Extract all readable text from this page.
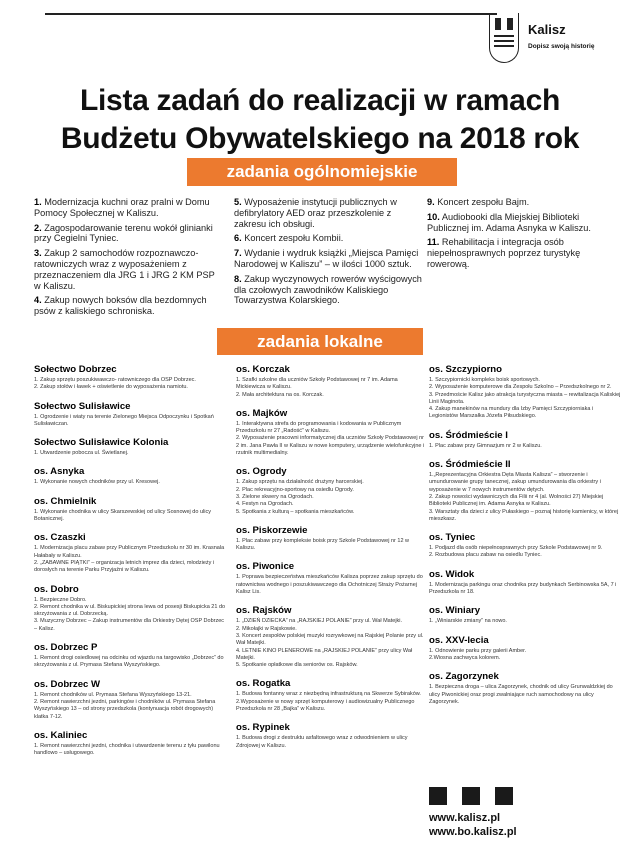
Kalisz
Dopisz swoją historię
Lista zadań do realizacji w ramach
Budżetu Obywatelskiego na 2018 rok
zadania ogólnomiejskie

1. Modernizacja kuchni oraz pralni w Domu Pomocy Społecznej w Kaliszu.

2. Zagospodarowanie terenu wokół glinianki przy Cegielni Tyniec.

3. Zakup 2 samochodów rozpoznawczo-ratowniczych wraz z wyposażeniem z przeznaczeniem dla JRG 1 i JRG 2 KM PSP w Kaliszu.

4. Zakup nowych boksów dla bezdomnych psów z kaliskiego schroniska.

5. Wyposażenie instytucji publicznych w defibrylatory AED oraz przeszkolenie z zakresu ich obsługi.

6. Koncert zespołu Kombii.

7. Wydanie i wydruk książki „Miejsca Pamięci Narodowej w Kaliszu” – w ilości 1000 sztuk.

8. Zakup wyczynowych rowerów wyścigowych dla czołowych zawodników Kaliskiego Towarzystwa Kolarskiego.

9. Koncert zespołu Bajm.

10. Audiobooki dla Miejskiej Biblioteki Publicznej im. Adama Asnyka w Kaliszu.

11. Rehabilitacja i integracja osób niepełnosprawnych poprzez turystykę rowerową.

zadania lokalne
Sołectwo Dobrzec
1. Zakup sprzętu poszukiwawczo- ratowniczego dla OSP Dobrzec.
2. Zakup stołów i ławek + oświetlenie do wyposażenia namiotu.
Sołectwo Sulisławice
1. Ogrodzenie i wiaty na terenie Zielonego Miejsca Odpoczynku i Spotkań Sulisławiczan.
Sołectwo Sulisławice Kolonia
1. Utwardzenie pobocza ul. Świetlanej.
os. Asnyka
1. Wykonanie nowych chodników przy ul. Kresowej.
os. Chmielnik
1. Wykonanie chodnika w ulicy Skarszewskiej od ulicy Sosnowej do ulicy Botanicznej.
os. Czaszki
1. Modernizacja placu zabaw przy Publicznym Przedszkolu nr 30 im. Krasnala Hałabały w Kaliszu.
2. „ZABAWNE PIĄTKI” – organizacja letnich imprez dla dzieci, młodzieży i dorosłych na terenie Parku Przyjaźni w Kaliszu.
os. Dobro
1. Bezpieczne Dobro.
2. Remont chodnika w ul. Biskupickiej strona lewa od posesji Biskupicka 21 do skrzyżowania z ul. Dobrzecką.
3. Muzyczny Dobrzec – Zakup instrumentów dla Orkiestry Dętej OSP Dobrzec – Kalisz.
os. Dobrzec P
1. Remont drogi osiedlowej na odcinku od wjazdu na targowisko „Dobrzec” do skrzyżowania z ul. Prymasa Stefana Wyszyńskiego.
os. Dobrzec W
1. Remont chodników ul. Prymasa Stefana Wyszyńskiego 13-21.
2. Remont nawierzchni jezdni, parkingów i chodników ul. Prymasa Stefana Wyszyńskiego 13 – od strony przedszkola (kontynuacja robót drogowych) klatka 7-12.
os. Kaliniec
1. Remont nawierzchni jezdni, chodnika i utwardzenie terenu z tyłu pawilonu handlowo – usługowego.
os. Korczak
1. Szafki szkolne dla uczniów Szkoły Podstawowej nr 7 im. Adama Mickiewicza w Kaliszu.
2. Mała architektura na os. Korczak.
os. Majków
1. Interaktywna strefa do programowania i kodowania w Publicznym Przedszkolu nr 27 „Radość” w Kaliszu.
2. Wyposażenie pracowni informatycznej dla uczniów Szkoły Podstawowej nr 2 im. Jana Pawła II w Kaliszu w nowe komputery, urządzenie wielofunkcyjne i rzutnik multimedialny.
os. Ogrody
1. Zakup sprzętu na działalność drużyny harcerskiej.
2. Plac rekreacyjno-sportowy na osiedlu Ogrody.
3. Zielone skwery na Ogrodach.
4. Festyn na Ogrodach.
5. Spotkania z kulturą – spotkania mieszkańców.
os. Piskorzewie
1. Plac zabaw przy kompleksie boisk przy Szkole Podstawowej nr 12 w Kaliszu.
os. Piwonice
1. Poprawa bezpieczeństwa mieszkańców Kalisza poprzez zakup sprzętu do ratownictwa wodnego i poszukiwawczego dla Ochotniczej Straży Pożarnej Kalisz Lis.
os. Rajsków
1. „DZIEŃ DZIECKA” na „RAJSKIEJ POLANIE” przy ul. Wał Matejki.
2. Mikołajki w Rajskowie.
3. Koncert zespołów polskiej muzyki rozrywkowej na Rajskiej Polanie przy ul. Wał Matejki.
4. LETNIE KINO PLENEROWE na „RAJSKIEJ POLANIE” przy ulicy Wał Matejki.
5. Spotkanie opłatkowe dla seniorów os. Rajsków.
os. Rogatka
1. Budowa fontanny wraz z niezbędną infrastrukturą na Skwerze Sybiraków.
2.Wyposażenie w nowy sprzęt komputerowy i audiowizualny Publicznego Przedszkola nr 28 „Bajka” w Kaliszu.
os. Rypinek
1. Budowa drogi z destruktu asfaltowego wraz z odwodnieniem w ulicy Zdrojowej w Kaliszu.
os. Szczypiorno
1. Szczypiornicki kompleks boisk sportowych.
2. Wyposażenie komputerowe dla Zespołu Szkolno – Przedszkolnego nr 2.
3. Przedmoście Kalisz jako atrakcja turystyczna miasta – rewitalizacja Kaliskiej Linii Maginota.
4. Zakup manekinów na mundury dla Izby Pamięci Szczypiorniaka i Legionistów Marszałka Józefa Piłsudskiego.
os. Śródmieście I
1. Plac zabaw przy Gimnazjum nr 2 w Kaliszu.
os. Śródmieście II
1.„Reprezentacyjna Orkiestra Dęta Miasta Kalisza” – stworzenie i umundurowanie grupy tanecznej, zakup umundurowania dla orkiestry i wyposażenie w 7 nowych instrumentów dętych.
2. Zakup nowości wydawniczych dla Filii nr 4 (al. Wolności 27) Miejskiej Biblioteki Publicznej im. Adama Asnyka w Kaliszu.
3. Warsztaty dla dzieci z ulicy Pułaskiego – poznaj historię kamienicy, w której mieszkasz.
os. Tyniec
1. Podjazd dla osób niepełnosprawnych przy Szkole Podstawowej nr 9.
2. Rozbudowa placu zabaw na osiedlu Tyniec.
os. Widok
1. Modernizacja parkingu oraz chodnika przy budynkach Serbinowska 5A, 7 i Przedszkola nr 18.
os. Winiary
1. „Winiarskie zmiany” na nowo.
os. XXV-lecia
1. Odnowienie parku przy galerii Amber.
2.Wiosna zachwyca kolorem.
os. Zagorzynek
1. Bezpieczna droga – ulica Zagorzynek, chodnik od ulicy Grunwaldzkiej do ulicy Piwonickiej oraz progi zwalniające ruch samochodowy na ulicy Zagorzynek.
www.kalisz.pl
www.bo.kalisz.pl
